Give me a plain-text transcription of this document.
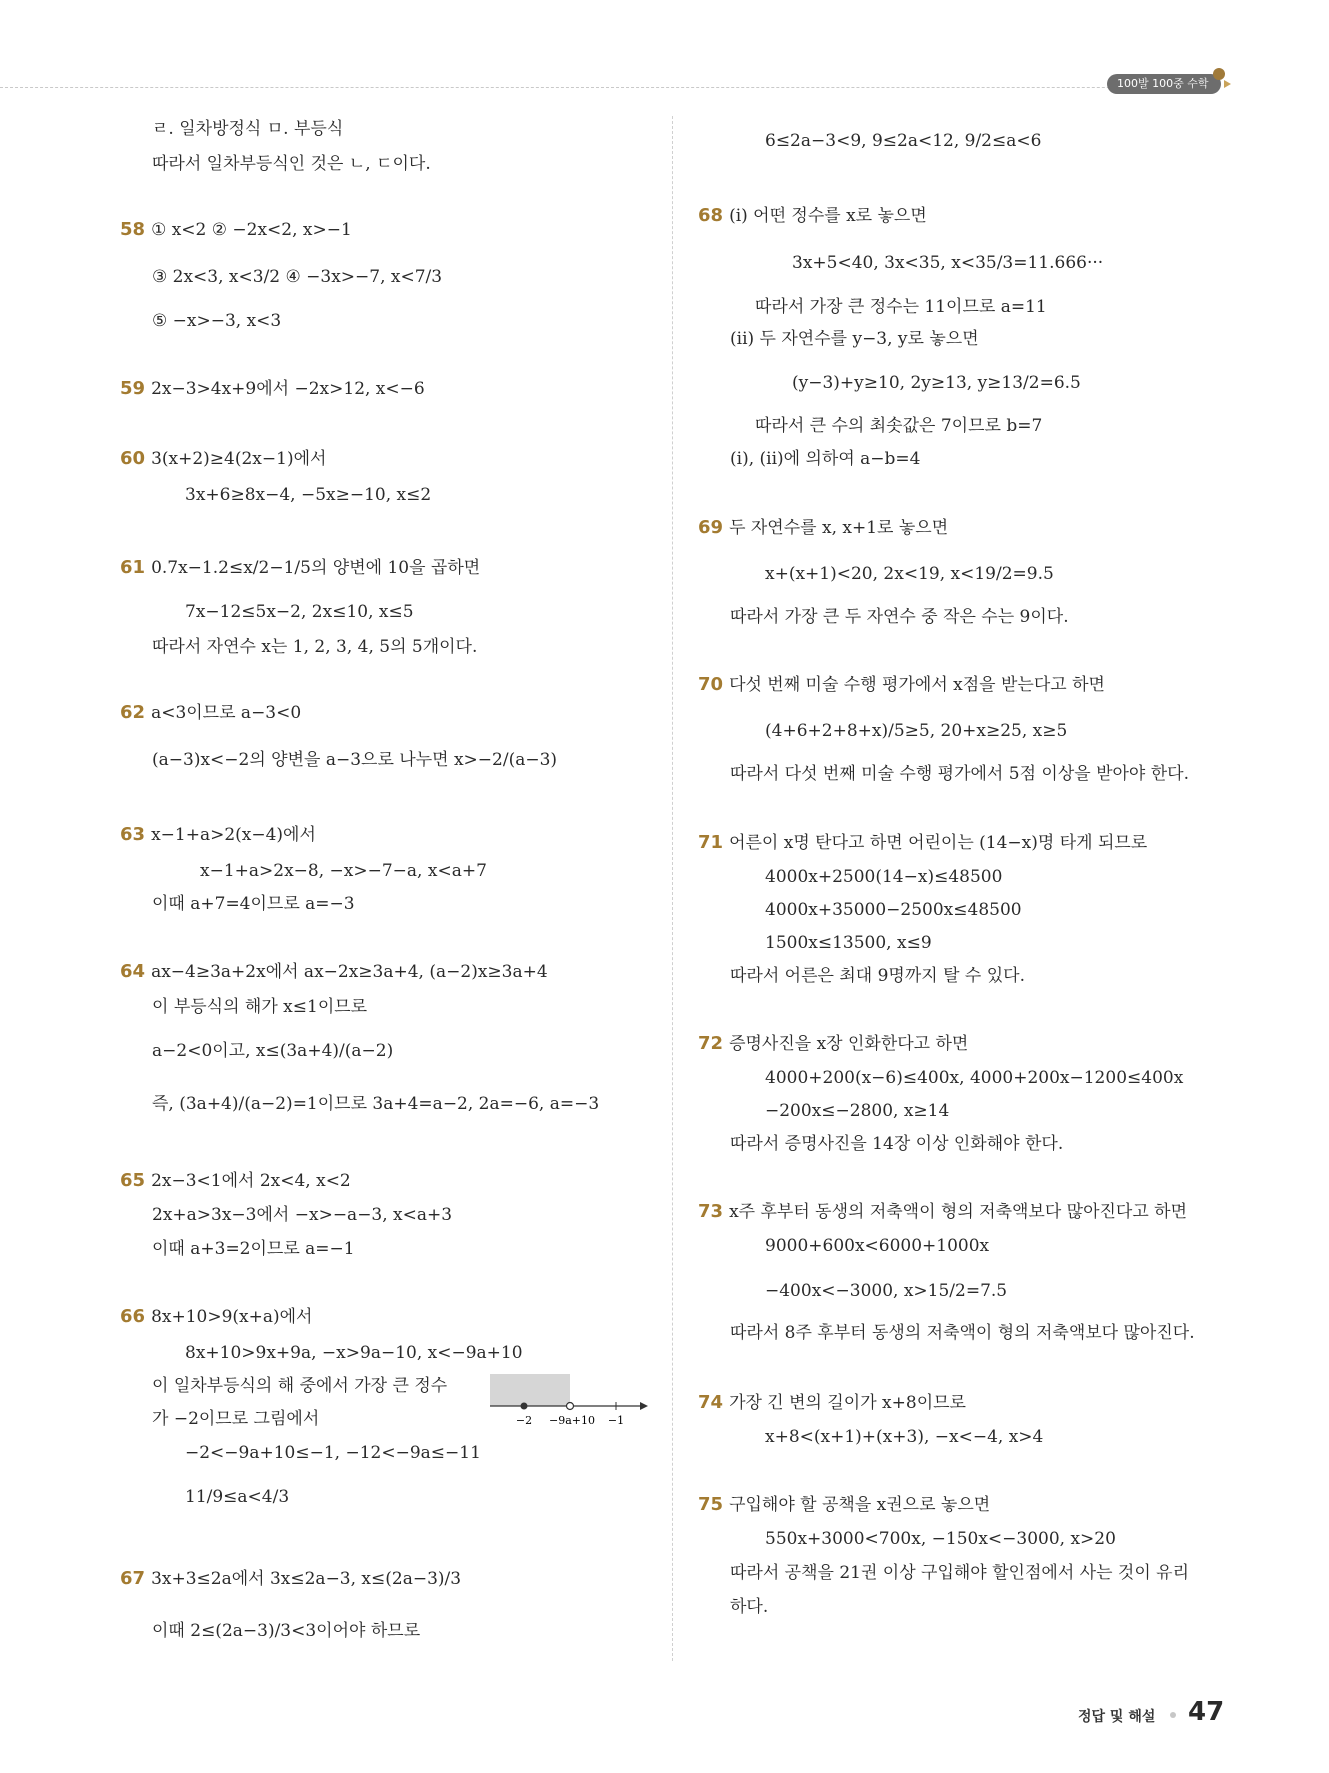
100발 100중 수학
ㄹ. 일차방정식 ㅁ. 부등식
따라서 일차부등식인 것은 ㄴ, ㄷ이다.
58 ① x<2 ② −2x<2, x>−1
③ 2x<3, x<3/2 ④ −3x>−7, x<7/3
⑤ −x>−3, x<3
59 2x−3>4x+9에서 −2x>12, x<−6
60 3(x+2)≥4(2x−1)에서
3x+6≥8x−4, −5x≥−10, x≤2
61 0.7x−1.2≤x/2−1/5의 양변에 10을 곱하면
7x−12≤5x−2, 2x≤10, x≤5
따라서 자연수 x는 1, 2, 3, 4, 5의 5개이다.
62 a<3이므로 a−3<0
(a−3)x<−2의 양변을 a−3으로 나누면 x>−2/(a−3)
63 x−1+a>2(x−4)에서
x−1+a>2x−8, −x>−7−a, x<a+7
이때 a+7=4이므로 a=−3
64 ax−4≥3a+2x에서 ax−2x≥3a+4, (a−2)x≥3a+4
이 부등식의 해가 x≤1이므로
a−2<0이고, x≤(3a+4)/(a−2)
즉, (3a+4)/(a−2)=1이므로 3a+4=a−2, 2a=−6, a=−3
65 2x−3<1에서 2x<4, x<2
2x+a>3x−3에서 −x>−a−3, x<a+3
이때 a+3=2이므로 a=−1
66 8x+10>9(x+a)에서
8x+10>9x+9a, −x>9a−10, x<−9a+10
이 일차부등식의 해 중에서 가장 큰 정수
가 −2이므로 그림에서
−2<−9a+10≤−1, −12<−9a≤−11
11/9≤a<4/3
67 3x+3≤2a에서 3x≤2a−3, x≤(2a−3)/3
이때 2≤(2a−3)/3<3이어야 하므로
−2 −9a+10 −1
6≤2a−3<9, 9≤2a<12, 9/2≤a<6
68 (i) 어떤 정수를 x로 놓으면
3x+5<40, 3x<35, x<35/3=11.666···
따라서 가장 큰 정수는 11이므로 a=11
(ii) 두 자연수를 y−3, y로 놓으면
(y−3)+y≥10, 2y≥13, y≥13/2=6.5
따라서 큰 수의 최솟값은 7이므로 b=7
(i), (ii)에 의하여 a−b=4
69 두 자연수를 x, x+1로 놓으면
x+(x+1)<20, 2x<19, x<19/2=9.5
따라서 가장 큰 두 자연수 중 작은 수는 9이다.
70 다섯 번째 미술 수행 평가에서 x점을 받는다고 하면
(4+6+2+8+x)/5≥5, 20+x≥25, x≥5
따라서 다섯 번째 미술 수행 평가에서 5점 이상을 받아야 한다.
71 어른이 x명 탄다고 하면 어린이는 (14−x)명 타게 되므로
4000x+2500(14−x)≤48500
4000x+35000−2500x≤48500
1500x≤13500, x≤9
따라서 어른은 최대 9명까지 탈 수 있다.
72 증명사진을 x장 인화한다고 하면
4000+200(x−6)≤400x, 4000+200x−1200≤400x
−200x≤−2800, x≥14
따라서 증명사진을 14장 이상 인화해야 한다.
73 x주 후부터 동생의 저축액이 형의 저축액보다 많아진다고 하면
9000+600x<6000+1000x
−400x<−3000, x>15/2=7.5
따라서 8주 후부터 동생의 저축액이 형의 저축액보다 많아진다.
74 가장 긴 변의 길이가 x+8이므로
x+8<(x+1)+(x+3), −x<−4, x>4
75 구입해야 할 공책을 x권으로 놓으면
550x+3000<700x, −150x<−3000, x>20
따라서 공책을 21권 이상 구입해야 할인점에서 사는 것이 유리
하다.
정답 및 해설 47
